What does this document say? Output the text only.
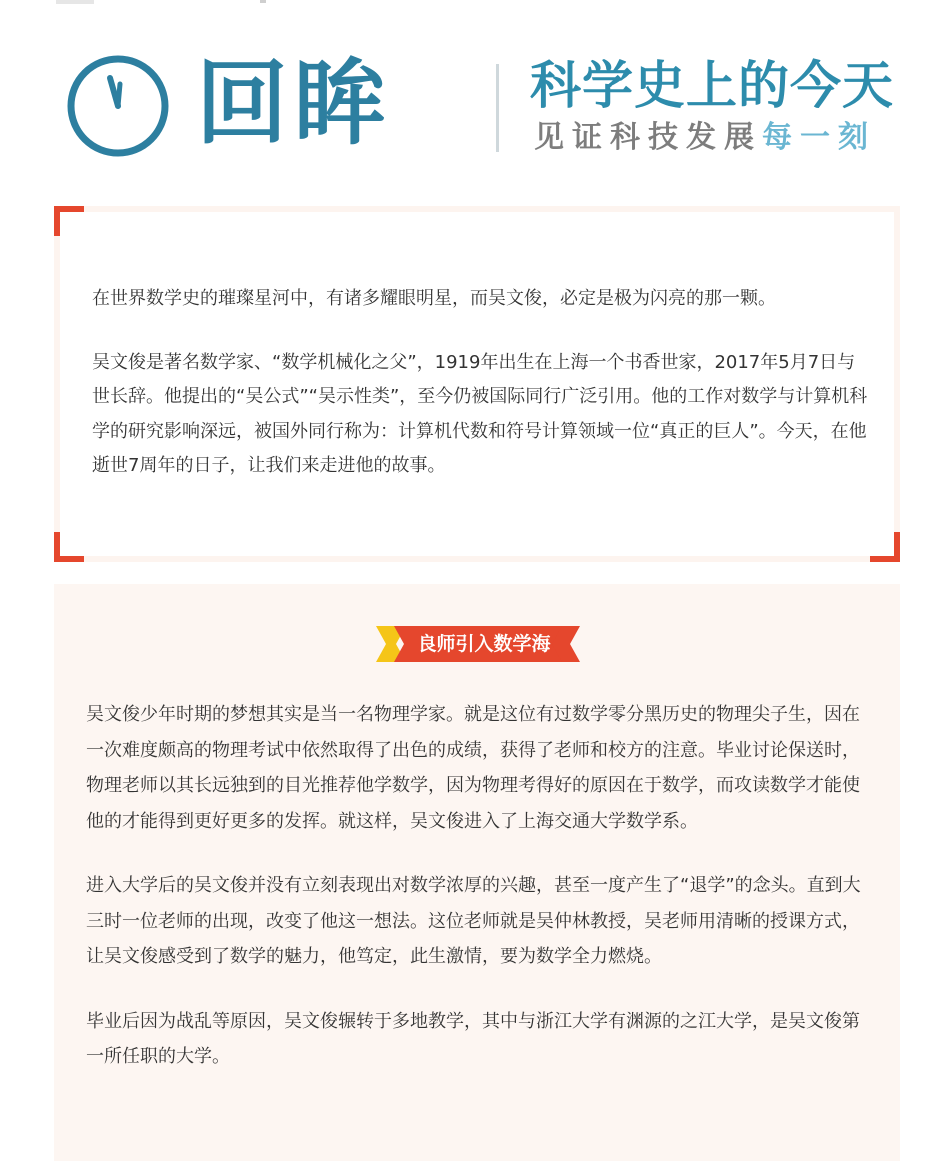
回眸	科学史上的今天
见证科技发展每一刻

在世界数学史的璀璨星河中，有诸多耀眼明星，而吴文俊，必定是极为闪亮的那一颗。

吴文俊是著名数学家、“数学机械化之父”，1919年出生在上海一个书香世家，2017年5月7日与世长辞。他提出的“吴公式”“吴示性类”，至今仍被国际同行广泛引用。他的工作对数学与计算机科学的研究影响深远，被国外同行称为：计算机代数和符号计算领域一位“真正的巨人”。今天，在他逝世7周年的日子，让我们来走进他的故事。

良师引入数学海

吴文俊少年时期的梦想其实是当一名物理学家。就是这位有过数学零分黑历史的物理尖子生，因在一次难度颇高的物理考试中依然取得了出色的成绩，获得了老师和校方的注意。毕业讨论保送时，物理老师以其长远独到的目光推荐他学数学，因为物理考得好的原因在于数学，而攻读数学才能使他的才能得到更好更多的发挥。就这样，吴文俊进入了上海交通大学数学系。

进入大学后的吴文俊并没有立刻表现出对数学浓厚的兴趣，甚至一度产生了“退学”的念头。直到大三时一位老师的出现，改变了他这一想法。这位老师就是吴仲林教授，吴老师用清晰的授课方式，让吴文俊感受到了数学的魅力，他笃定，此生激情，要为数学全力燃烧。

毕业后因为战乱等原因，吴文俊辗转于多地教学，其中与浙江大学有渊源的之江大学，是吴文俊第一所任职的大学。
